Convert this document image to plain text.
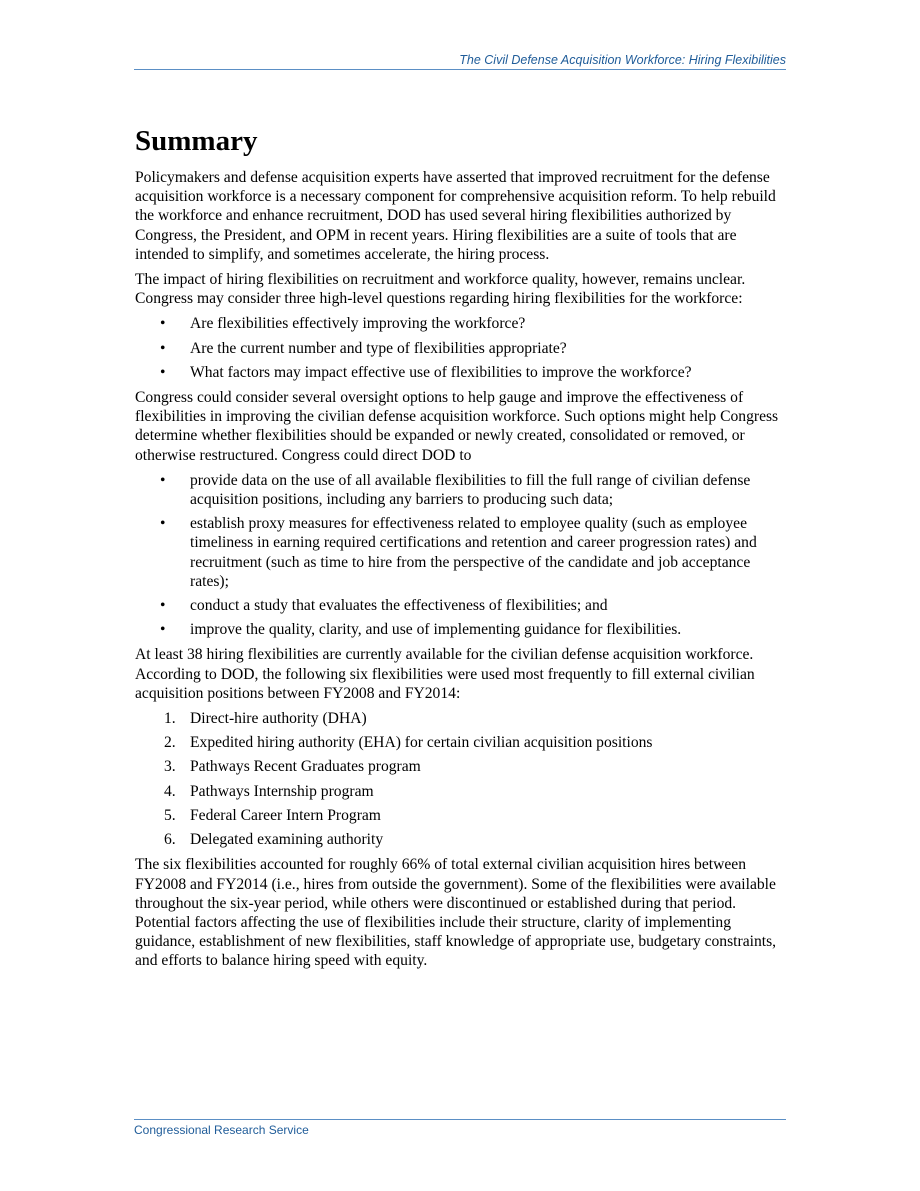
The Civil Defense Acquisition Workforce: Hiring Flexibilities
Summary

Policymakers and defense acquisition experts have asserted that improved recruitment for the defense acquisition workforce is a necessary component for comprehensive acquisition reform. To help rebuild the workforce and enhance recruitment, DOD has used several hiring flexibilities authorized by Congress, the President, and OPM in recent years. Hiring flexibilities are a suite of tools that are intended to simplify, and sometimes accelerate, the hiring process.

The impact of hiring flexibilities on recruitment and workforce quality, however, remains unclear. Congress may consider three high-level questions regarding hiring flexibilities for the workforce:

• Are flexibilities effectively improving the workforce?
• Are the current number and type of flexibilities appropriate?
• What factors may impact effective use of flexibilities to improve the workforce?

Congress could consider several oversight options to help gauge and improve the effectiveness of flexibilities in improving the civilian defense acquisition workforce. Such options might help Congress determine whether flexibilities should be expanded or newly created, consolidated or removed, or otherwise restructured. Congress could direct DOD to

• provide data on the use of all available flexibilities to fill the full range of civilian defense acquisition positions, including any barriers to producing such data;
• establish proxy measures for effectiveness related to employee quality (such as employee timeliness in earning required certifications and retention and career progression rates) and recruitment (such as time to hire from the perspective of the candidate and job acceptance rates);
• conduct a study that evaluates the effectiveness of flexibilities; and
• improve the quality, clarity, and use of implementing guidance for flexibilities.

At least 38 hiring flexibilities are currently available for the civilian defense acquisition workforce. According to DOD, the following six flexibilities were used most frequently to fill external civilian acquisition positions between FY2008 and FY2014:

1. Direct-hire authority (DHA)
2. Expedited hiring authority (EHA) for certain civilian acquisition positions
3. Pathways Recent Graduates program
4. Pathways Internship program
5. Federal Career Intern Program
6. Delegated examining authority

The six flexibilities accounted for roughly 66% of total external civilian acquisition hires between FY2008 and FY2014 (i.e., hires from outside the government). Some of the flexibilities were available throughout the six-year period, while others were discontinued or established during that period. Potential factors affecting the use of flexibilities include their structure, clarity of implementing guidance, establishment of new flexibilities, staff knowledge of appropriate use, budgetary constraints, and efforts to balance hiring speed with equity.

Congressional Research Service
